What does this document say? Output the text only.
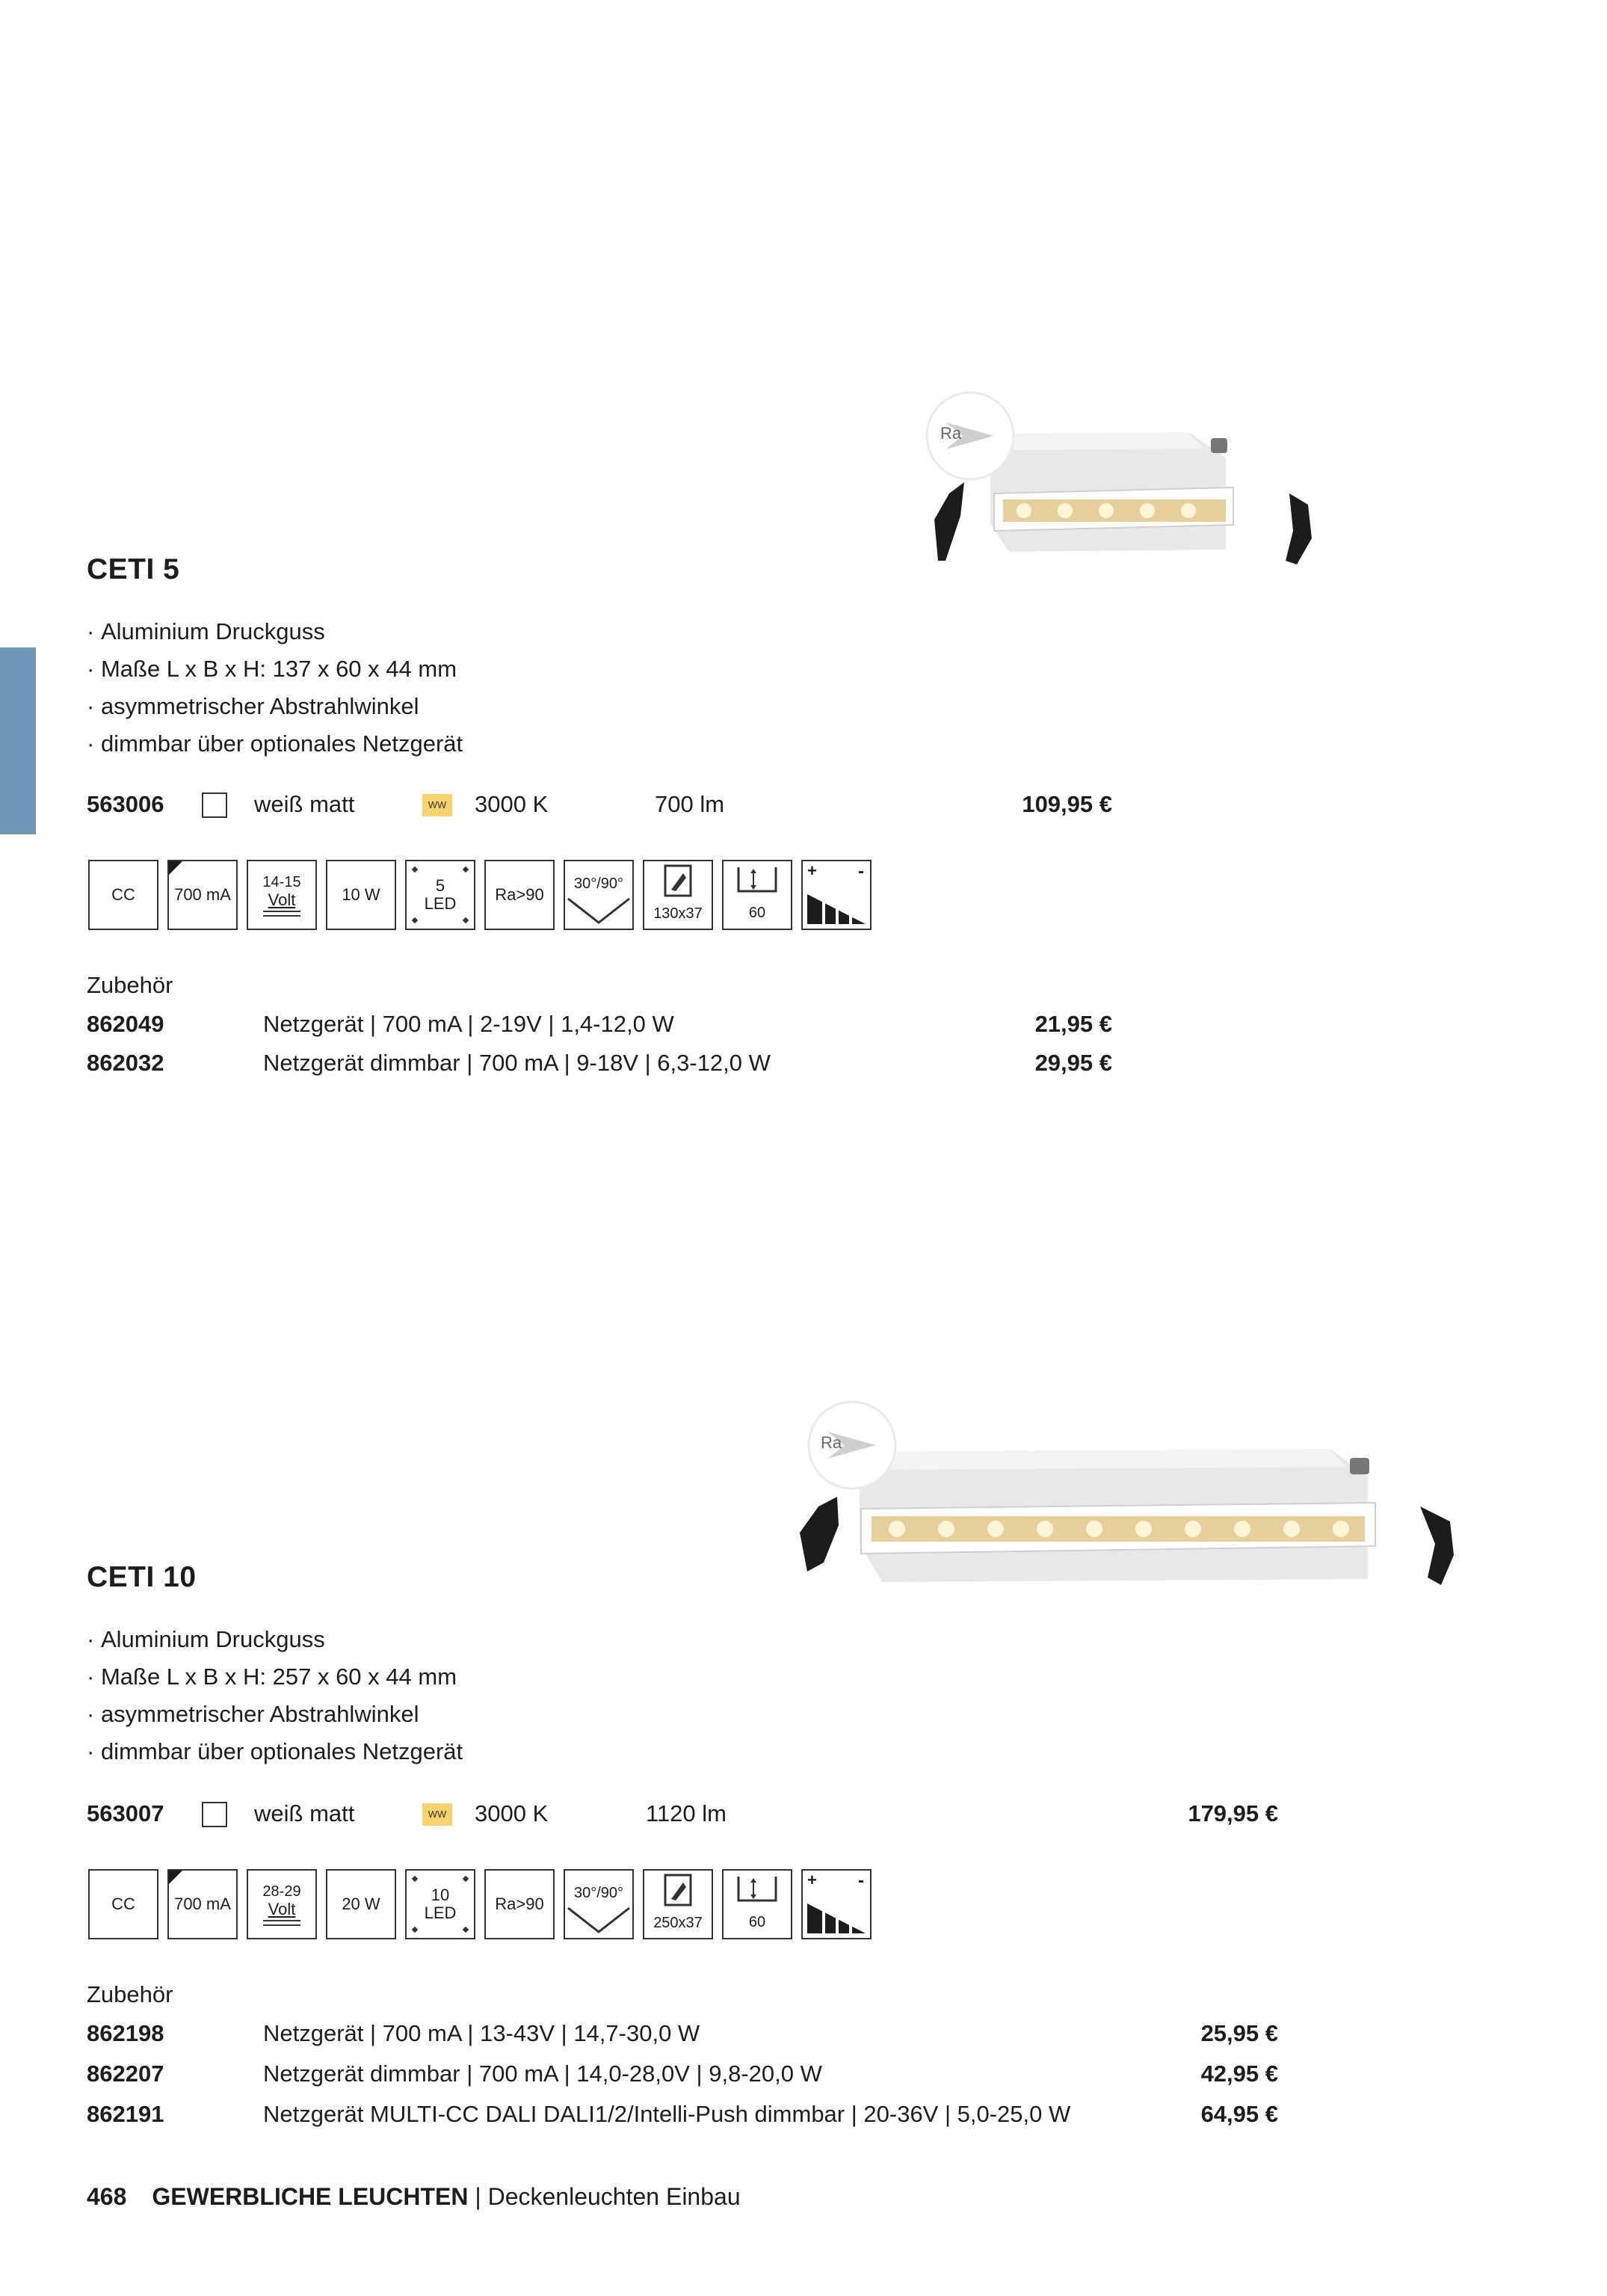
Ra
CETI 5
· Aluminium Druckguss
· Maße L x B x H: 137 x 60 x 44 mm
· asymmetrischer Abstrahlwinkel
· dimmbar über optionales Netzgerät
563006	weiß matt	WW 3000 K	700 lm	109,95 €
CC 700 mA
14-15
Volt	10 W	5
LED Ra>90
30°/90°
130x37	60
+ -
Zubehör
862049	Netzgerät | 700 mA | 2-19V | 1,4-12,0 W	21,95 €
862032	Netzgerät dimmbar | 700 mA | 9-18V | 6,3-12,0 W	29,95 €
Ra
CETI 10
· Aluminium Druckguss
· Maße L x B x H: 257 x 60 x 44 mm
· asymmetrischer Abstrahlwinkel
· dimmbar über optionales Netzgerät
563007	weiß matt	WW 3000 K	1120 lm	179,95 €
CC 700 mA
28-29
Volt	20 W	10
LED Ra>90
30°/90°
250x37	60
+ -
Zubehör
862198	Netzgerät | 700 mA | 13-43V | 14,7-30,0 W	25,95 €
862207	Netzgerät dimmbar | 700 mA | 14,0-28,0V | 9,8-20,0 W	42,95 €
862191	Netzgerät MULTI-CC DALI DALI1/2/Intelli-Push dimmbar | 20-36V | 5,0-25,0 W	64,95 €
468 GEWERBLICHE LEUCHTEN | Deckenleuchten Einbau
